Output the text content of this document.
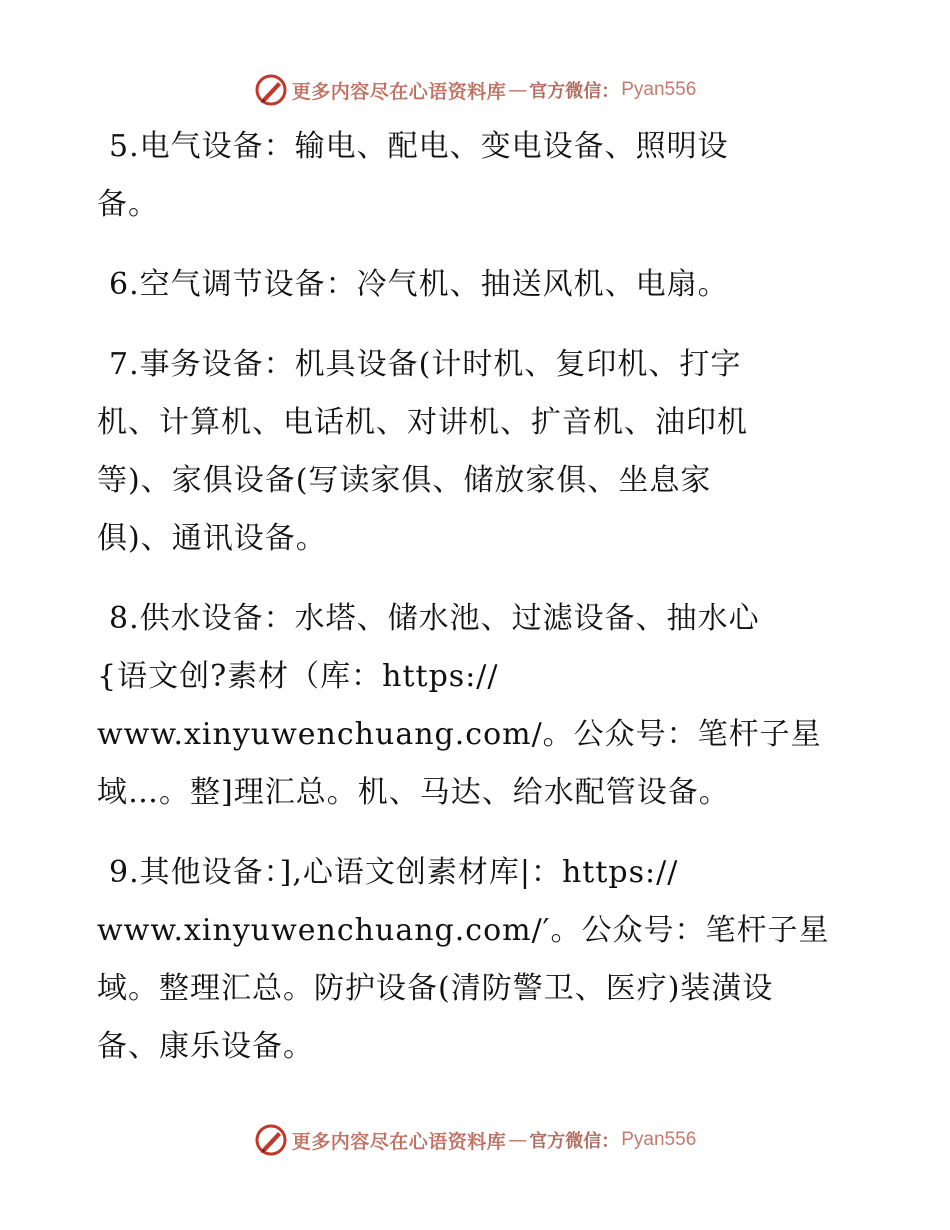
更多内容尽在心语资料库 — 官方微信： Pyan556
5.电气设备：输电、配电、变电设备、照明设
备。
6.空气调节设备：冷气机、抽送风机、电扇。
7.事务设备：机具设备(计时机、复印机、打字
机、计算机、电话机、对讲机、扩音机、油印机
等)、家俱设备(写读家俱、储放家俱、坐息家
俱)、通讯设备。
8.供水设备：水塔、储水池、过滤设备、抽水心
{语文创?素材（库：https://
www.xinyuwenchuang.com/。公众号：笔杆子星
域…。整]理汇总。机、马达、给水配管设备。
9.其他设备：],心语文创素材库|：https://
www.xinyuwenchuang.com/′。公众号：笔杆子星
域。整理汇总。防护设备(清防警卫、医疗)装潢设
备、康乐设备。
更多内容尽在心语资料库 — 官方微信： Pyan556
